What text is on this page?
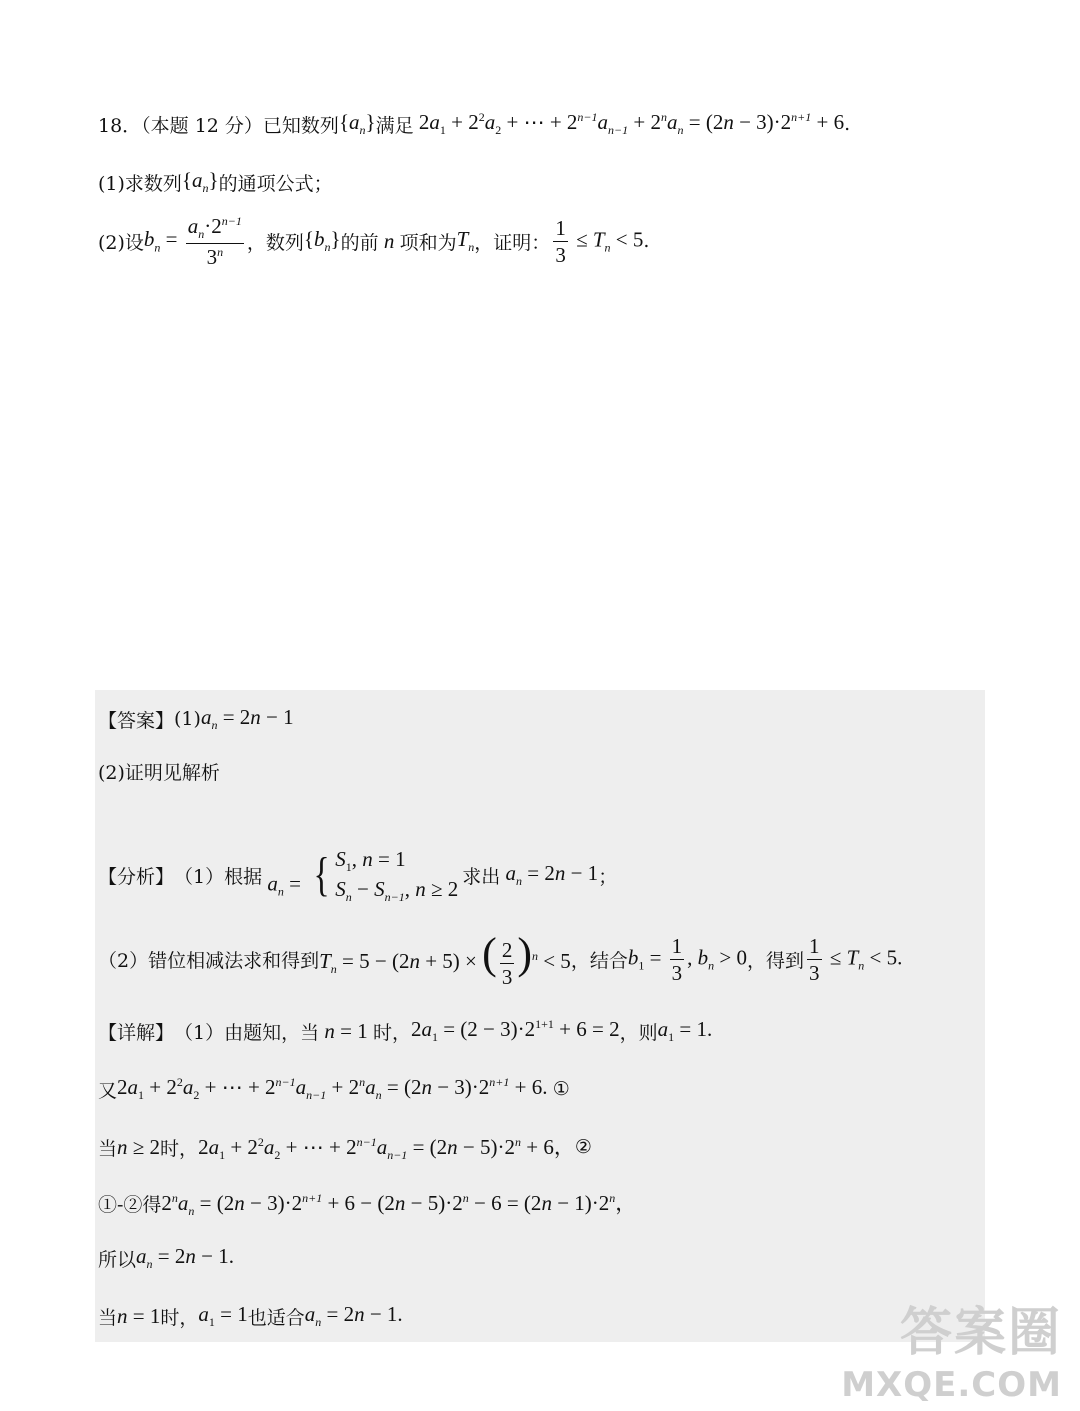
18．（本题 12 分）已知数列 $\{a_n\}$ 满足 $2a_1 + 2^2a_2$ + ⋯ + $2^{n-1}a_{n-1} + 2^na_n = (2n - 3)\cdot 2^{n+1} + 6$ .
(1)求数列 $\{a_n\}$ 的通项公式；
(2)设 $b_n = \frac{a_n\cdot 2^{n-1}}{3^n}$ ，数列 $\{b_n\}$ 的前 n 项和为 $T_n$ ，证明： $\frac{1}{3} \le T_n < 5$ .
【答案】 (1) $a_n = 2n - 1$
(2)证明见解析
【分析】 （1）根据 $a_n$ = { $S_1$, n = 1
$S_n - S_{n-1}$, n ≥ 2
求出 $a_n = 2n - 1$ ；
（2）错位相减法求和得到 $T_n = 5 - (2n + 5)$ × ( $\frac{2}{3} )^n < 5$ ，结合 $b_1 = \frac{1}{3}$ , $b_n > 0$ ，得到 $\frac{1}{3} \le T_n < 5$.
【详解】 （1）由题知，当 n = 1 时， $2a_1 = (2 - 3)\cdot 2^{1+1} + 6 = 2$ ，则 $a_1 = 1$.
又 $2a_1 + 2^2a_2$ + ⋯ + $2^{n-1}a_{n-1} + 2^na_n = (2n - 3)\cdot 2^{n+1} + 6$. ①
当 n ≥ 2 时， $2a_1 + 2^2a_2$ + ⋯ + $2^{n-1}a_{n-1} = (2n - 5)\cdot 2^n + 6$， ②
①-②得 $2^na_n = (2n - 3)\cdot 2^{n+1} + 6 - (2n - 5)\cdot 2^n - 6 = (2n - 1)\cdot 2^n$，
所以 $a_n = 2n - 1$.
当 n = 1 时， $a_1 = 1$ 也适合 $a_n = 2n - 1$.	答案圈
MXQE.COM
